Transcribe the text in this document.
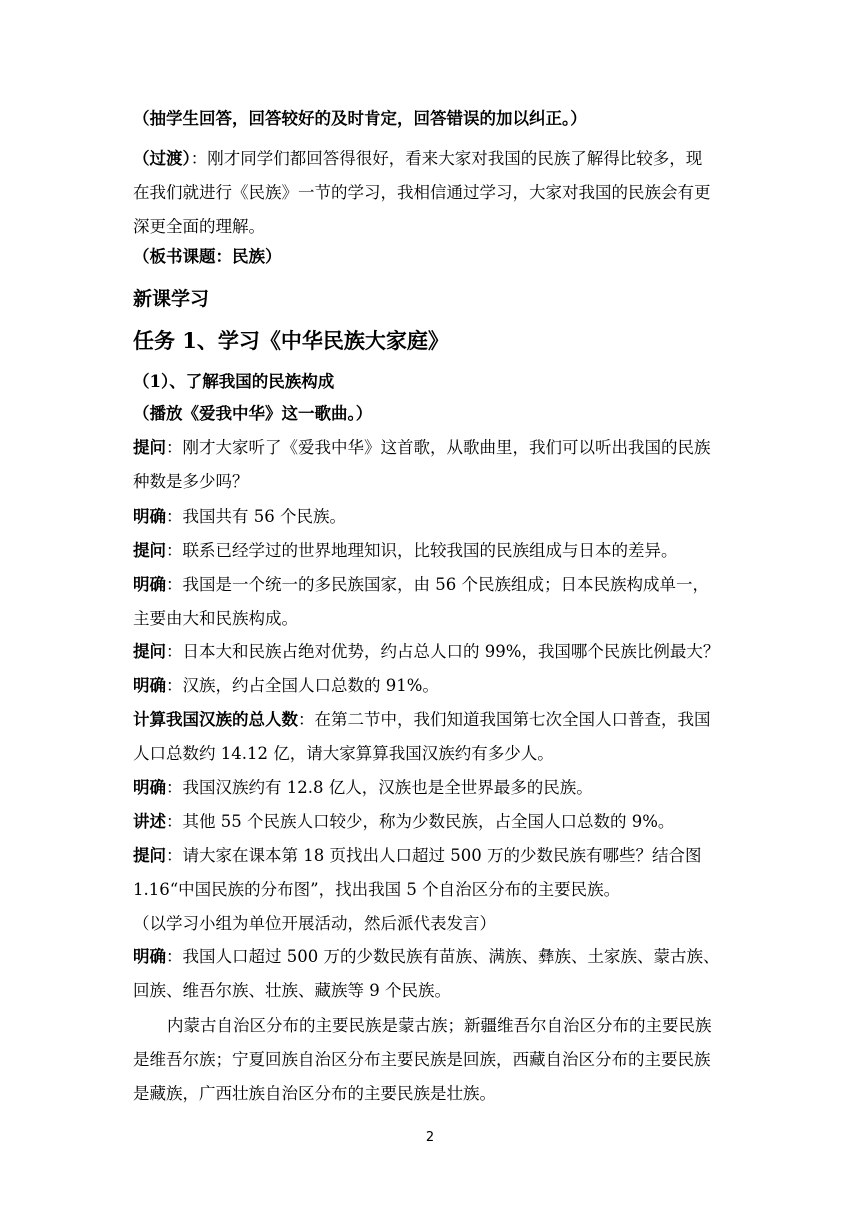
（抽学生回答，回答较好的及时肯定，回答错误的加以纠正。）
（过渡）：刚才同学们都回答得很好，看来大家对我国的民族了解得比较多，现
在我们就进行《民族》一节的学习，我相信通过学习，大家对我国的民族会有更
深更全面的理解。
（板书课题：民族）
新课学习
任务 1、学习《中华民族大家庭》
（1）、了解我国的民族构成
（播放《爱我中华》这一歌曲。）
提问：刚才大家听了《爱我中华》这首歌，从歌曲里，我们可以听出我国的民族
种数是多少吗？
明确：我国共有 56 个民族。
提问：联系已经学过的世界地理知识，比较我国的民族组成与日本的差异。
明确：我国是一个统一的多民族国家，由 56 个民族组成；日本民族构成单一，
主要由大和民族构成。
提问：日本大和民族占绝对优势，约占总人口的 99%，我国哪个民族比例最大？
明确：汉族，约占全国人口总数的 91%。
计算我国汉族的总人数：在第二节中，我们知道我国第七次全国人口普查，我国
人口总数约 14.12 亿，请大家算算我国汉族约有多少人。
明确：我国汉族约有 12.8 亿人，汉族也是全世界最多的民族。
讲述：其他 55 个民族人口较少，称为少数民族，占全国人口总数的 9%。
提问：请大家在课本第 18 页找出人口超过 500 万的少数民族有哪些？结合图
1.16“中国民族的分布图”，找出我国 5 个自治区分布的主要民族。
（以学习小组为单位开展活动，然后派代表发言）
明确：我国人口超过 500 万的少数民族有苗族、满族、彝族、土家族、蒙古族、
回族、维吾尔族、壮族、藏族等 9 个民族。
内蒙古自治区分布的主要民族是蒙古族；新疆维吾尔自治区分布的主要民族
是维吾尔族；宁夏回族自治区分布主要民族是回族，西藏自治区分布的主要民族
是藏族，广西壮族自治区分布的主要民族是壮族。
2
